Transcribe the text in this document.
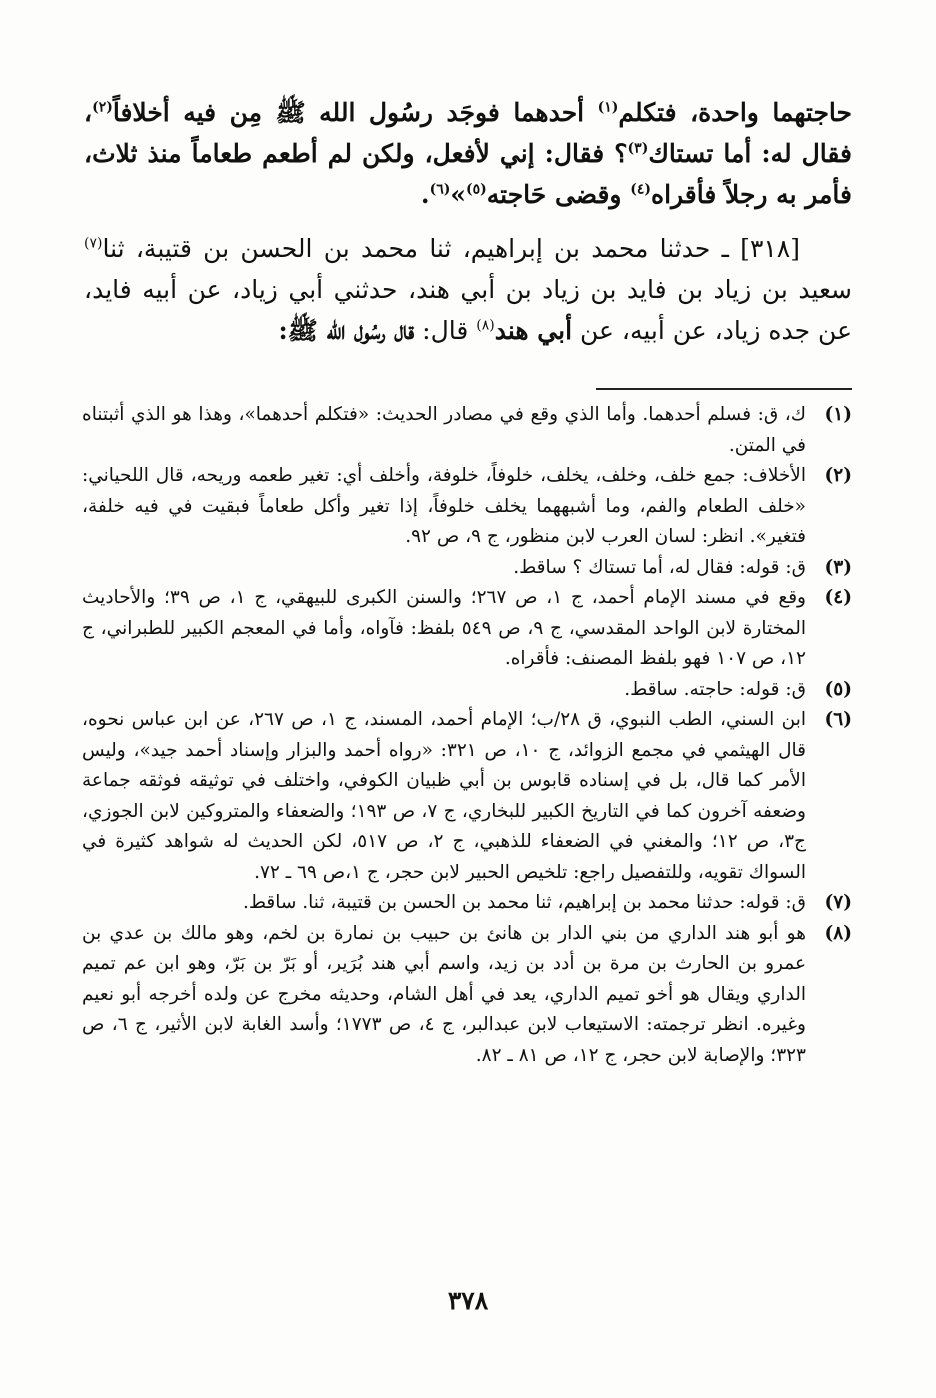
حاجتهما واحدة، فتكلم$^{(١)}$ أحدهما فوجَد رسُول الله ﷺ مِن فيه أخلافاً$^{(٢)}$، فقال له: أما تستاك$^{(٣)}$؟ فقال: إني لأفعل، ولكن لم أطعم طعاماً منذ ثلاث، فأمر به رجلاً فأقراه$^{(٤)}$ وقضى حَاجته$^{(٥)}$»$^{(٦)}$.

[٣١٨] ـ حدثنا محمد بن إبراهيم، ثنا محمد بن الحسن بن قتيبة، ثنا$^{(٧)}$ سعيد بن زياد بن فايد بن زياد بن أبي هند، حدثني أبي زياد، عن أبيه فايد، عن جده زياد، عن أبيه، عن أبي هند$^{(٨)}$ قال: قال رسُول الله ﷺ:

(١)
ك، ق: فسلم أحدهما. وأما الذي وقع في مصادر الحديث: «فتكلم أحدهما»، وهذا هو الذي أثبتناه في المتن.
(٢)
الأخلاف: جمع خلف، وخلف، يخلف، خلوفاً، خلوفة، وأخلف أي: تغير طعمه وريحه، قال اللحياني: «خلف الطعام والفم، وما أشبههما يخلف خلوفاً، إذا تغير وأكل طعاماً فبقيت في فيه خلفة، فتغير». انظر: لسان العرب لابن منظور، ج ٩، ص ٩٢.
(٣)
ق: قوله: فقال له، أما تستاك ؟ ساقط.
(٤)
وقع في مسند الإمام أحمد، ج ١، ص ٢٦٧؛ والسنن الكبرى للبيهقي، ج ١، ص ٣٩؛ والأحاديث المختارة لابن الواحد المقدسي، ج ٩، ص ٥٤٩ بلفظ: فآواه، وأما في المعجم الكبير للطبراني، ج ١٢، ص ١٠٧ فهو بلفظ المصنف: فأقراه.
(٥)
ق: قوله: حاجته. ساقط.
(٦)
ابن السني، الطب النبوي، ق ٢٨/ب؛ الإمام أحمد، المسند، ج ١، ص ٢٦٧، عن ابن عباس نحوه، قال الهيثمي في مجمع الزوائد، ج ١٠، ص ٣٢١: «رواه أحمد والبزار وإسناد أحمد جيد»، وليس الأمر كما قال، بل في إسناده قابوس بن أبي ظبيان الكوفي، واختلف في توثيقه فوثقه جماعة وضعفه آخرون كما في التاريخ الكبير للبخاري، ج ٧، ص ١٩٣؛ والضعفاء والمتروكين لابن الجوزي، ج٣، ص ١٢؛ والمغني في الضعفاء للذهبي، ج ٢، ص ٥١٧، لكن الحديث له شواهد كثيرة في السواك تقويه، وللتفصيل راجع: تلخيص الحبير لابن حجر، ج ١،ص ٦٩ ـ ٧٢.
(٧)
ق: قوله: حدثنا محمد بن إبراهيم، ثنا محمد بن الحسن بن قتيبة، ثنا. ساقط.
(٨)
هو أبو هند الداري من بني الدار بن هانئ بن حبيب بن نمارة بن لخم، وهو مالك بن عدي بن عمرو بن الحارث بن مرة بن أدد بن زيد، واسم أبي هند بُرَير، أو بَرّ بن بَرّ، وهو ابن عم تميم الداري ويقال هو أخو تميم الداري، يعد في أهل الشام، وحديثه مخرج عن ولده أخرجه أبو نعيم وغيره. انظر ترجمته: الاستيعاب لابن عبدالبر، ج ٤، ص ١٧٧٣؛ وأسد الغابة لابن الأثير، ج ٦، ص ٣٢٣؛ والإصابة لابن حجر، ج ١٢، ص ٨١ ـ ٨٢.
٣٧٨
